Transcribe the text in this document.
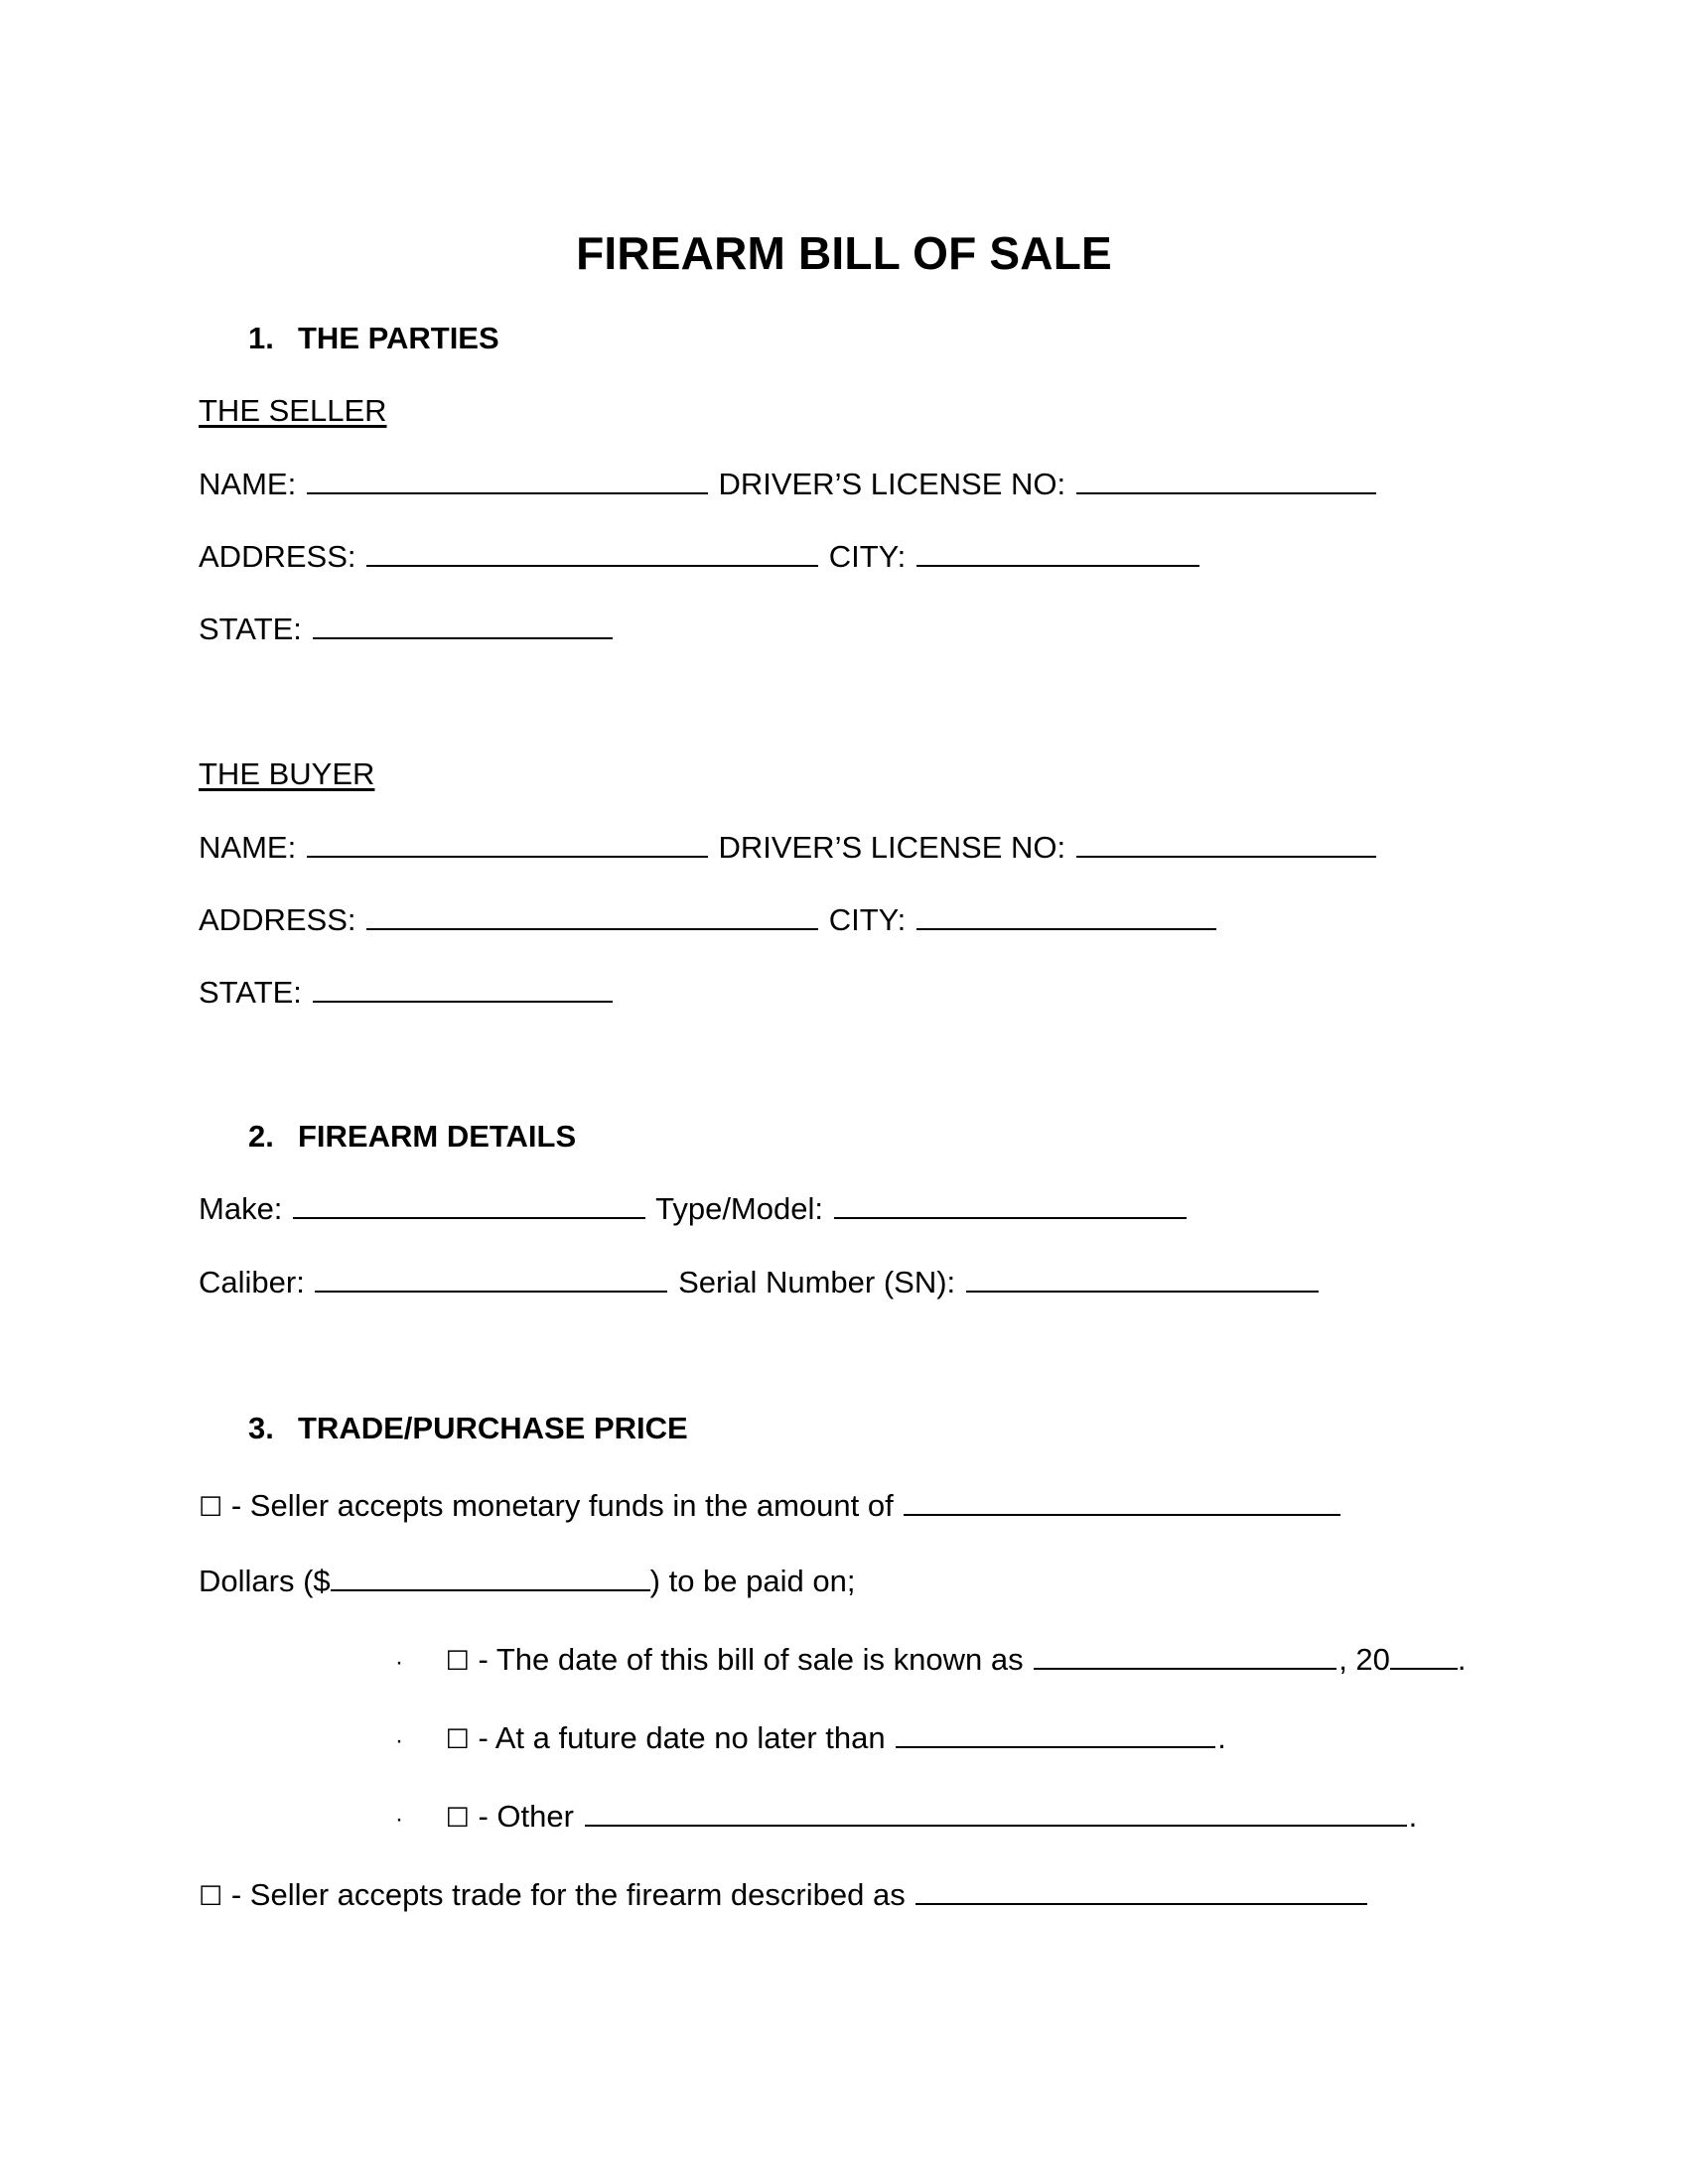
FIREARM BILL OF SALE
1. THE PARTIES
THE SELLER
NAME:	DRIVER’S LICENSE NO:
ADDRESS:	CITY:
STATE:
THE BUYER
NAME:	DRIVER’S LICENSE NO:
ADDRESS:	CITY:
STATE:
2. FIREARM DETAILS
Make:	Type/Model:
Caliber:	Serial Number (SN):
3. TRADE/PURCHASE PRICE
☐ - Seller accepts monetary funds in the amount of
Dollars ($	) to be paid on;
· ☐ - The date of this bill of sale is known as	, 20 .
· ☐ - At a future date no later than	.
· ☐ - Other	.
☐ - Seller accepts trade for the firearm described as
